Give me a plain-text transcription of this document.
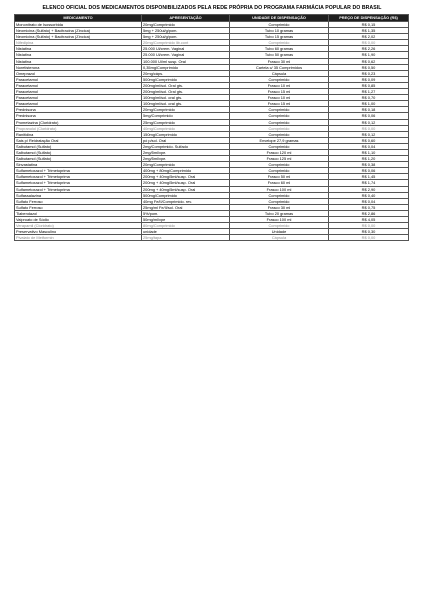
ELENCO OFICIAL DOS MEDICAMENTOS DISPONIBILIZADOS PELA REDE PRÓPRIA DO PROGRAMA FARMÁCIA POPULAR DO BRASIL
MEDICAMENTO	APRESENTAÇÃO	UNIDADE DE DISPENSAÇÃO	PREÇO DE DISPENSAÇÃO (R$)
Mononitrato de Isossorbida	20mg/Comprimido	Comprimido	R$ 0,15
Neomicina (Sulfato) + Bacitracina (Zíncica)	5mg + 250ui/g/pom.	Tubo 10 gramas	R$ 1,35
Neomicina (Sulfato) + Bacitracina (Zíncica)	5mg + 250ui/g/pom.	Tubo 15 gramas	R$ 2,02
Nifedipina	20mg/Comprimido lib.cont	Comprimido	R$ 0,00
Nistatina	25.000 Ui/crem. Vaginal	Tubo 60 gramas	R$ 2,26
Nistatina	25.000 Ui/crem. Vaginal	Tubo 50 gramas	R$ 1,90
Nistatina	100.000 Ui/ml susp. Oral	Frasco 30 ml	R$ 0,62
Noretisterona	0,35mg/Comprimido	Cartela c/ 35 Comprimidos	R$ 0,50
Omeprazol	20mg/cáps.	Cápsula	R$ 0,23
Paracetamol	500mg/Comprimido	Comprimido	R$ 0,09
Paracetamol	200mg/ml/sol. Oral gts.	Frasco 10 ml	R$ 0,85
Paracetamol	200mg/ml/sol. Oral gts.	Frasco 15 ml	R$ 1,27
Paracetamol	100mg/ml/sol. oral gts.	Frasco 10 ml	R$ 0,70
Paracetamol	100mg/ml/sol. oral gts.	Frasco 15 ml	R$ 1,00
Prednisona	20mg/Comprimido	Comprimido	R$ 0,18
Prednisona	5mg/Comprimido	Comprimido	R$ 0,06
Prometazina (Cloridrato)	25mg/Comprimido	Comprimido	R$ 0,12
Propranolol (Cloridrato)	40mg/Comprimido	Comprimido	R$ 0,00
Ranitidina	150mg/Comprimido	Comprimido	R$ 0,12
Sais p/ Reidratação Oral	pó p/sol. Oral	Envelope 27,9 gramas	R$ 0,60
Salbutamol (Sulfato)	2mg/Comprimido. Sulfado	Comprimido	R$ 0,04
Salbutamol (Sulfato)	2mg/5ml/xpe.	Frasco 120 ml	R$ 1,10
Salbutamol (Sulfato)	2mg/5ml/xpe.	Frasco 125 ml	R$ 1,20
Sinvastatina	20mg/Comprimido	Comprimido	R$ 0,38
Sulfametoxazol + Trimetoprima	400mg + 80mg/Comprimido	Comprimido	R$ 0,06
Sulfametoxazol + Trimetoprima	200mg + 40mg/5ml/susp. Oral	Frasco 50 ml	R$ 1,45
Sulfametoxazol + Trimetoprima	200mg + 40mg/5ml/susp. Oral	Frasco 60 ml	R$ 1,74
Sulfametoxazol + Trimetoprima	200mg + 40mg/5ml/susp. Oral	Frasco 100 ml	R$ 2,90
Sulfassalazina	500mg/Comprimido	Comprimido	R$ 0,40
Sulfato Ferroso	40mg Fe/II/Comprimido. rev.	Comprimido	R$ 0,04
Sulfato Ferroso	25mg/ml Fe/II/sol. Oral	Frasco 30 ml	R$ 0,75
Tiabendazol	5%/pom.	Tubo 20 gramas	R$ 2,86
Valproato de Sódio	50mg/ml/xpe	Frasco 100 ml	R$ 4,05
Verapamil (Cloridrato)	80mg/Comprimido	Comprimido	R$ 0,00
Preservativo Masculino	unidade	Unidade	R$ 0,30
Pivalato de Metformin	25mg/tapa	Cápsula	R$ 0,00
